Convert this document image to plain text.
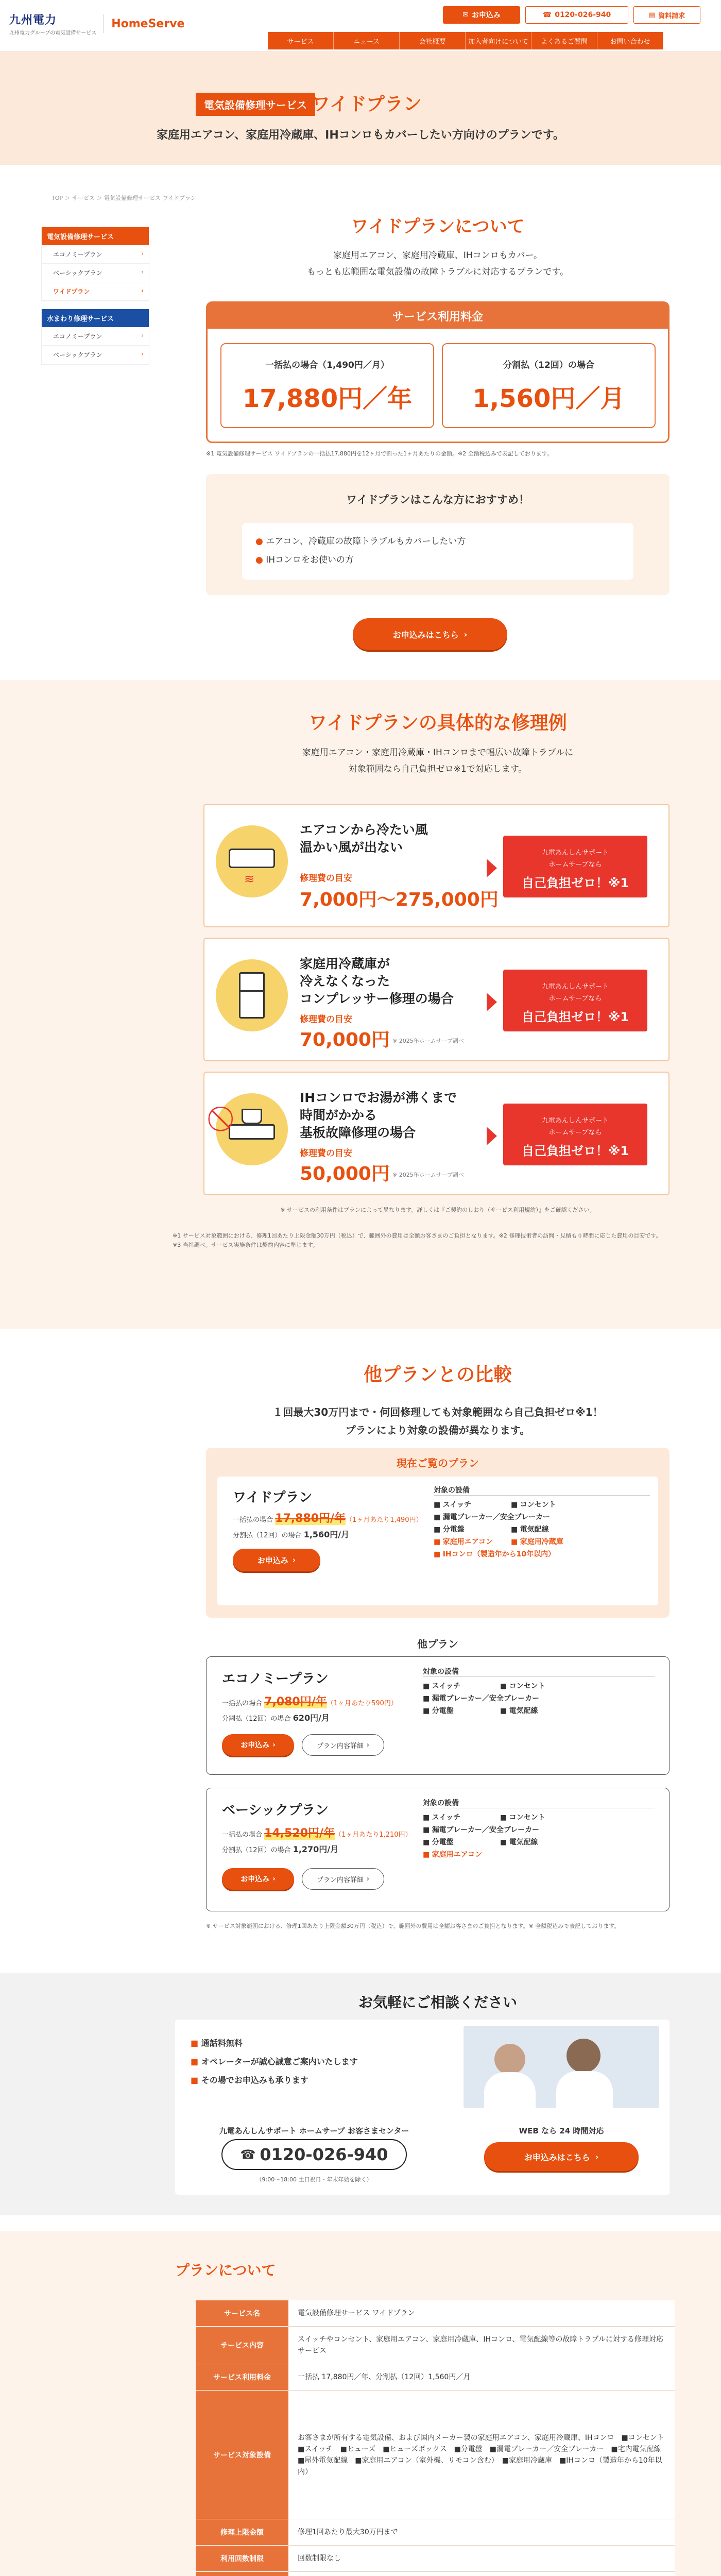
九州電力
九州電力グループの電気設備サービス
HomeServe
✉ お申込み	☎ 0120-026-940	▤ 資料請求
サービス	ニュース	会社概要	加入者向けについて	よくあるご質問	お問い合わせ
電気設備修理サービス ワイドプラン
家庭用エアコン、家庭用冷蔵庫、IHコンロもカバーしたい方向けのプランです。
TOP ＞ サービス ＞ 電気設備修理サービス ワイドプラン
電気設備修理サービス
› エコノミープラン
› ベーシックプラン
› ワイドプラン
水まわり修理サービス
› エコノミープラン
› ベーシックプラン
ワイドプランについて
家庭用エアコン、家庭用冷蔵庫、IHコンロもカバー。
もっとも広範囲な電気設備の故障トラブルに対応するプランです。
サービス利用料金
一括払の場合（1,490円／月）
17,880円／年
分割払（12回）の場合
1,560円／月
※1 電気設備修理サービス ワイドプランの一括払17,880円を12ヶ月で割った1ヶ月あたりの金額。※2 全額税込みで表記しております。
ワイドプランはこんな方におすすめ！
● エアコン、冷蔵庫の故障トラブルもカバーしたい方
● IHコンロをお使いの方
お申込みはこちら ›
ワイドプランの具体的な修理例
家庭用エアコン・家庭用冷蔵庫・IHコンロまで幅広い故障トラブルに
対象範囲なら自己負担ゼロ※1で対応します。
≋
エアコンから冷たい風
温かい風が出ない
修理費の目安
7,000円〜275,000円
九電あんしんサポート
ホームサーブなら
自己負担ゼロ！※1
家庭用冷蔵庫が
冷えなくなった
コンプレッサー修理の場合
修理費の目安
70,000円 ※ 2025年ホームサーブ調べ
九電あんしんサポート
ホームサーブなら
自己負担ゼロ！※1
IHコンロでお湯が沸くまで
時間がかかる
基板故障修理の場合
修理費の目安
50,000円 ※ 2025年ホームサーブ調べ
九電あんしんサポート
ホームサーブなら
自己負担ゼロ！※1
※ サービスの利用条件はプランによって異なります。詳しくは『ご契約のしおり（サービス利用規約）』をご確認ください。
※1 サービス対象範囲における、修理1回あたり上限金額30万円（税込）で、範囲外の費用は全額お客さまのご負担となります。※2 修理技術者の訪問・見積もり時間に応じた費用の目安です。※3 当社調べ。サービス実施条件は契約内容に準じます。
他プランとの比較
１回最大30万円まで・何回修理しても対象範囲なら自己負担ゼロ※1！
プランにより対象の設備が異なります。
現在ご覧のプラン
ワイドプラン
一括払の場合 17,880円/年（1ヶ月あたり1,490円）
分割払（12回）の場合 1,560円/月
お申込み ›
対象の設備
■ スイッチ	■ コンセント
■ 漏電ブレーカー／安全ブレーカー
■ 分電盤	■ 電気配線
■ 家庭用エアコン	■ 家庭用冷蔵庫
■ IHコンロ（製造年から10年以内）
他プラン
エコノミープラン
一括払の場合 7,080円/年（1ヶ月あたり590円）
分割払（12回）の場合 620円/月
お申込み ›	プラン内容詳細 ›
対象の設備
■ スイッチ	■ コンセント
■ 漏電ブレーカー／安全ブレーカー
■ 分電盤	■ 電気配線
ベーシックプラン
一括払の場合 14,520円/年（1ヶ月あたり1,210円）
分割払（12回）の場合 1,270円/月
お申込み ›	プラン内容詳細 ›
対象の設備
■ スイッチ	■ コンセント
■ 漏電ブレーカー／安全ブレーカー
■ 分電盤	■ 電気配線
■ 家庭用エアコン
※ サービス対象範囲における、修理1回あたり上限金額30万円（税込）で、範囲外の費用は全額お客さまのご負担となります。※ 全額税込みで表記しております。
お気軽にご相談ください
■ 通話料無料
■ オペレーターが誠心誠意ご案内いたします
■ その場でお申込みも承ります
九電あんしんサポート ホームサーブ お客さまセンター
☎ 0120-026-940
（9:00〜18:00 土日祝日・年末年始を除く）
WEB なら 24 時間対応
お申込みはこちら ›
プランについて
サービス名	電気設備修理サービス ワイドプラン
サービス内容	スイッチやコンセント、家庭用エアコン、家庭用冷蔵庫、IHコンロ、電気配線等の故障トラブルに対する修理対応サービス
サービス利用料金	一括払 17,880円／年、分割払（12回）1,560円／月
サービス対象設備	お客さまが所有する電気設備、および国内メーカー製の家庭用エアコン、家庭用冷蔵庫、IHコンロ　■コンセント　■スイッチ　■ヒューズ　■ヒューズボックス　■分電盤　■漏電ブレーカー／安全ブレーカー　■宅内電気配線　■屋外電気配線　■家庭用エアコン（室外機、リモコン含む）　■家庭用冷蔵庫　■IHコンロ（製造年から10年以内）
修理上限金額	修理1回あたり最大30万円まで
利用回数制限	回数制限なし
